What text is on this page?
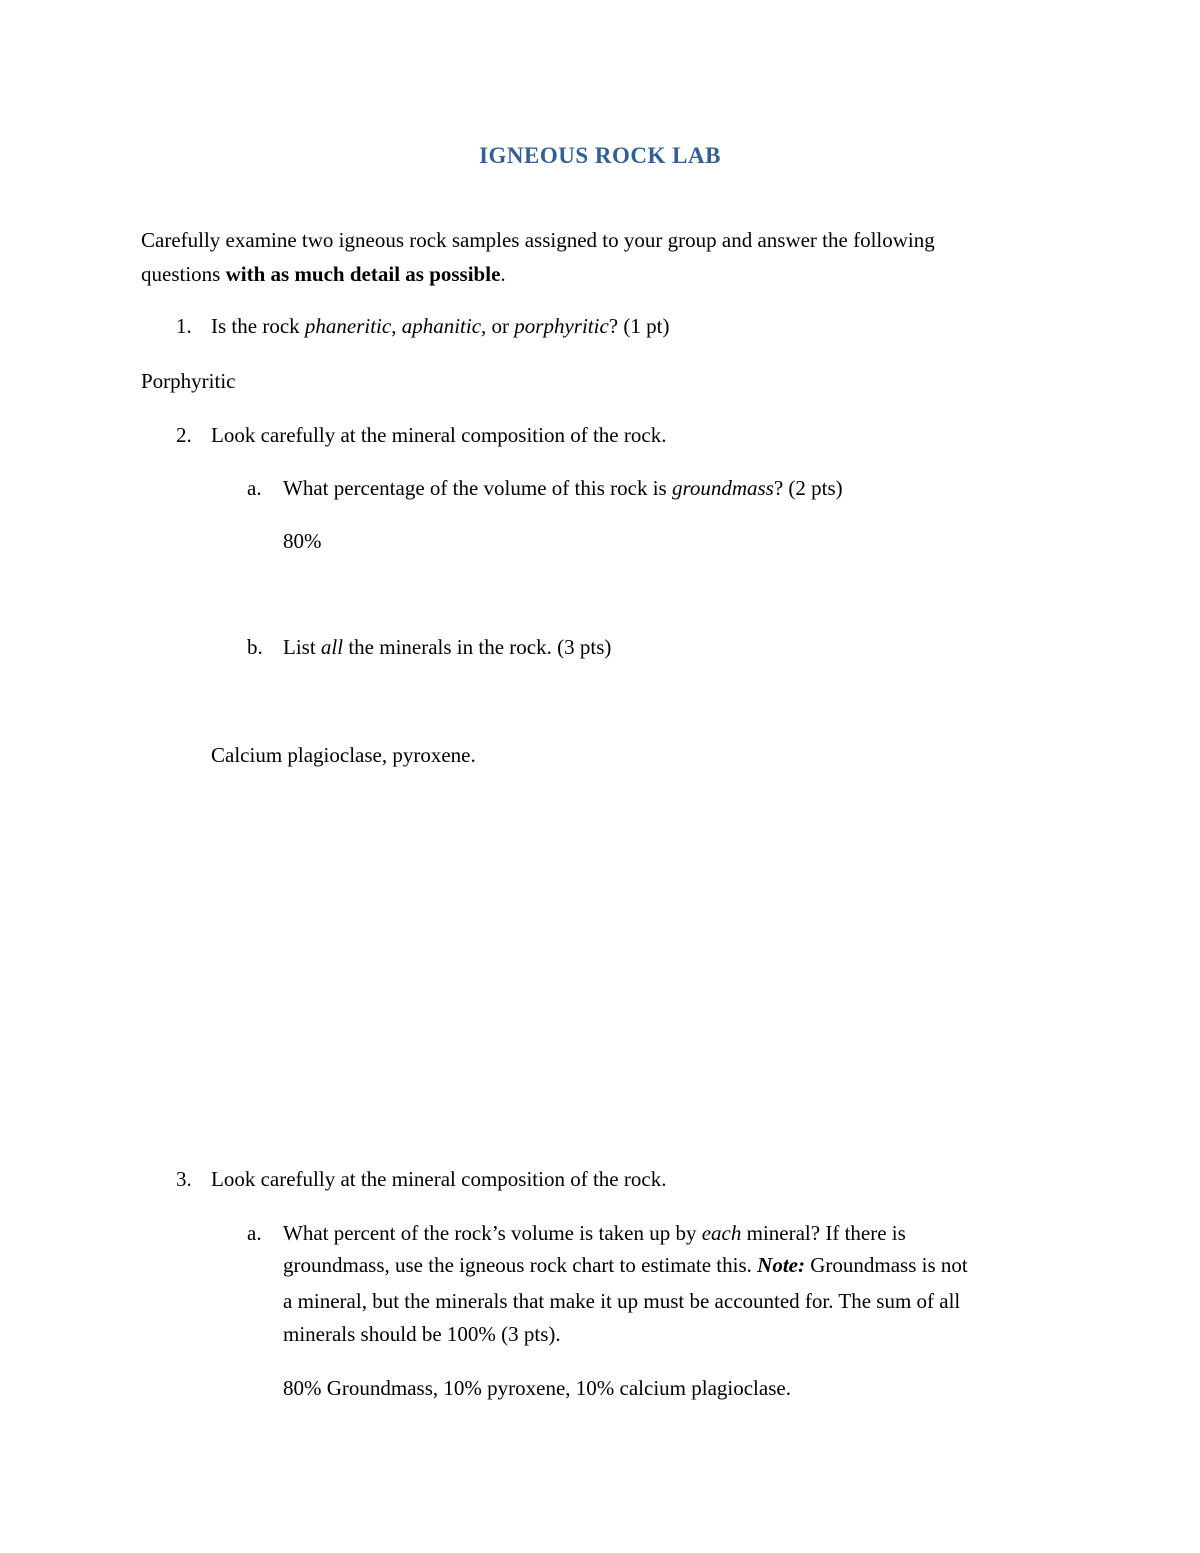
IGNEOUS ROCK LAB
Carefully examine two igneous rock samples assigned to your group and answer the following
questions with as much detail as possible.
1. Is the rock phaneritic, aphanitic, or porphyritic? (1 pt)
Porphyritic
2. Look carefully at the mineral composition of the rock.
a.	What percentage of the volume of this rock is groundmass? (2 pts)
80%
b. List all the minerals in the rock. (3 pts)
Calcium plagioclase, pyroxene.
3. Look carefully at the mineral composition of the rock.
a.	What percent of the rock’s volume is taken up by each mineral? If there is
groundmass, use the igneous rock chart to estimate this. Note: Groundmass is not
a mineral, but the minerals that make it up must be accounted for. The sum of all
minerals should be 100% (3 pts).
80% Groundmass, 10% pyroxene, 10% calcium plagioclase.
